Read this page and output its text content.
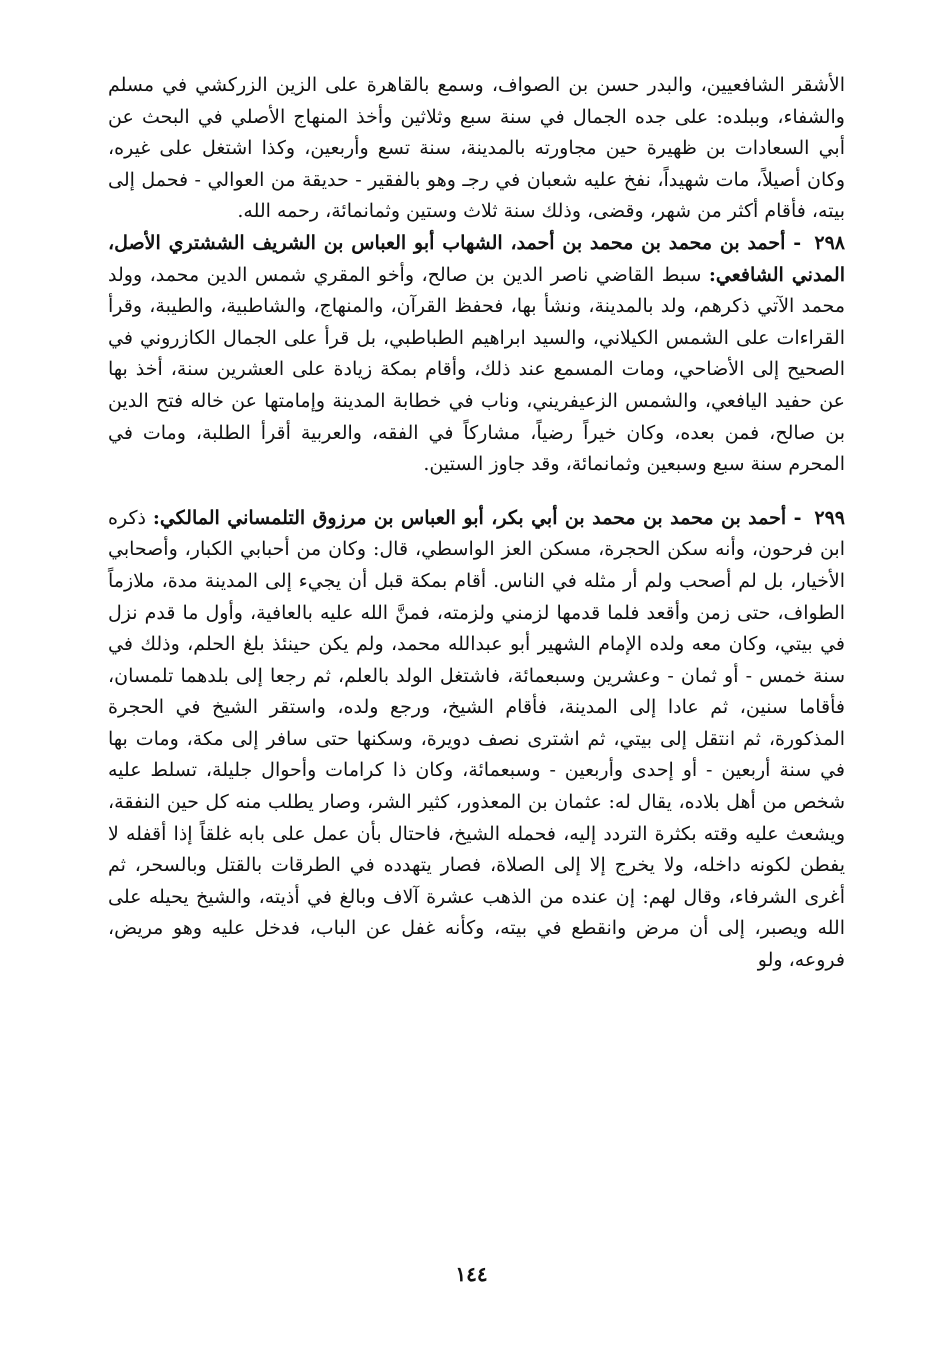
الأشقر الشافعيين، والبدر حسن بن الصواف، وسمع بالقاهرة على الزين الزركشي في مسلم والشفاء، وببلده: على جده الجمال في سنة سبع وثلاثين وأخذ المنهاج الأصلي في البحث عن أبي السعادات بن ظهيرة حين مجاورته بالمدينة، سنة تسع وأربعين، وكذا اشتغل على غيره، وكان أصيلاً، مات شهيداً، نفخ عليه شعبان في رجـ وهو بالفقير - حديقة من العوالي - فحمل إلى بيته، فأقام أكثر من شهر، وقضى، وذلك سنة ثلاث وستين وثمانمائة، رحمه الله.

٢٩٨ - أحمد بن محمد بن محمد بن أحمد، الشهاب أبو العباس بن الشريف الششتري الأصل، المدني الشافعي: سبط القاضي ناصر الدين بن صالح، وأخو المقري شمس الدين محمد، وولد محمد الآتي ذكرهم، ولد بالمدينة، ونشأ بها، فحفظ القرآن، والمنهاج، والشاطبية، والطيبة، وقرأ القراءات على الشمس الكيلاني، والسيد ابراهيم الطباطبي، بل قرأ على الجمال الكازروني في الصحيح إلى الأضاحي، ومات المسمع عند ذلك، وأقام بمكة زيادة على العشرين سنة، أخذ بها عن حفيد اليافعي، والشمس الزعيفريني، وناب في خطابة المدينة وإمامتها عن خاله فتح الدين بن صالح، فمن بعده، وكان خيراً رضياً، مشاركاً في الفقه، والعربية أقرأ الطلبة، ومات في المحرم سنة سبع وسبعين وثمانمائة، وقد جاوز الستين.

٢٩٩ - أحمد بن محمد بن محمد بن أبي بكر، أبو العباس بن مرزوق التلمساني المالكي: ذكره ابن فرحون، وأنه سكن الحجرة، مسكن العز الواسطي، قال: وكان من أحبابي الكبار، وأصحابي الأخيار، بل لم أصحب ولم أر مثله في الناس. أقام بمكة قبل أن يجيء إلى المدينة مدة، ملازماً الطواف، حتى زمن وأقعد فلما قدمها لزمني ولزمته، فمنَّ الله عليه بالعافية، وأول ما قدم نزل في بيتي، وكان معه ولده الإمام الشهير أبو عبدالله محمد، ولم يكن حينئذ بلغ الحلم، وذلك في سنة خمس - أو ثمان - وعشرين وسبعمائة، فاشتغل الولد بالعلم، ثم رجعا إلى بلدهما تلمسان، فأقاما سنين، ثم عادا إلى المدينة، فأقام الشيخ، ورجع ولده، واستقر الشيخ في الحجرة المذكورة، ثم انتقل إلى بيتي، ثم اشترى نصف دويرة، وسكنها حتى سافر إلى مكة، ومات بها في سنة أربعين - أو إحدى وأربعين - وسبعمائة، وكان ذا كرامات وأحوال جليلة، تسلط عليه شخص من أهل بلاده، يقال له: عثمان بن المعذور، كثير الشر، وصار يطلب منه كل حين النفقة، ويشعث عليه وقته بكثرة التردد إليه، فحمله الشيخ، فاحتال بأن عمل على بابه غلقاً إذا أقفله لا يفطن لكونه داخله، ولا يخرج إلا إلى الصلاة، فصار يتهدده في الطرقات بالقتل وبالسحر، ثم أغرى الشرفاء، وقال لهم: إن عنده من الذهب عشرة آلاف وبالغ في أذيته، والشيخ يحيله على الله ويصبر، إلى أن مرض وانقطع في بيته، وكأنه غفل عن الباب، فدخل عليه وهو مريض، فروعه، ولو

١٤٤
